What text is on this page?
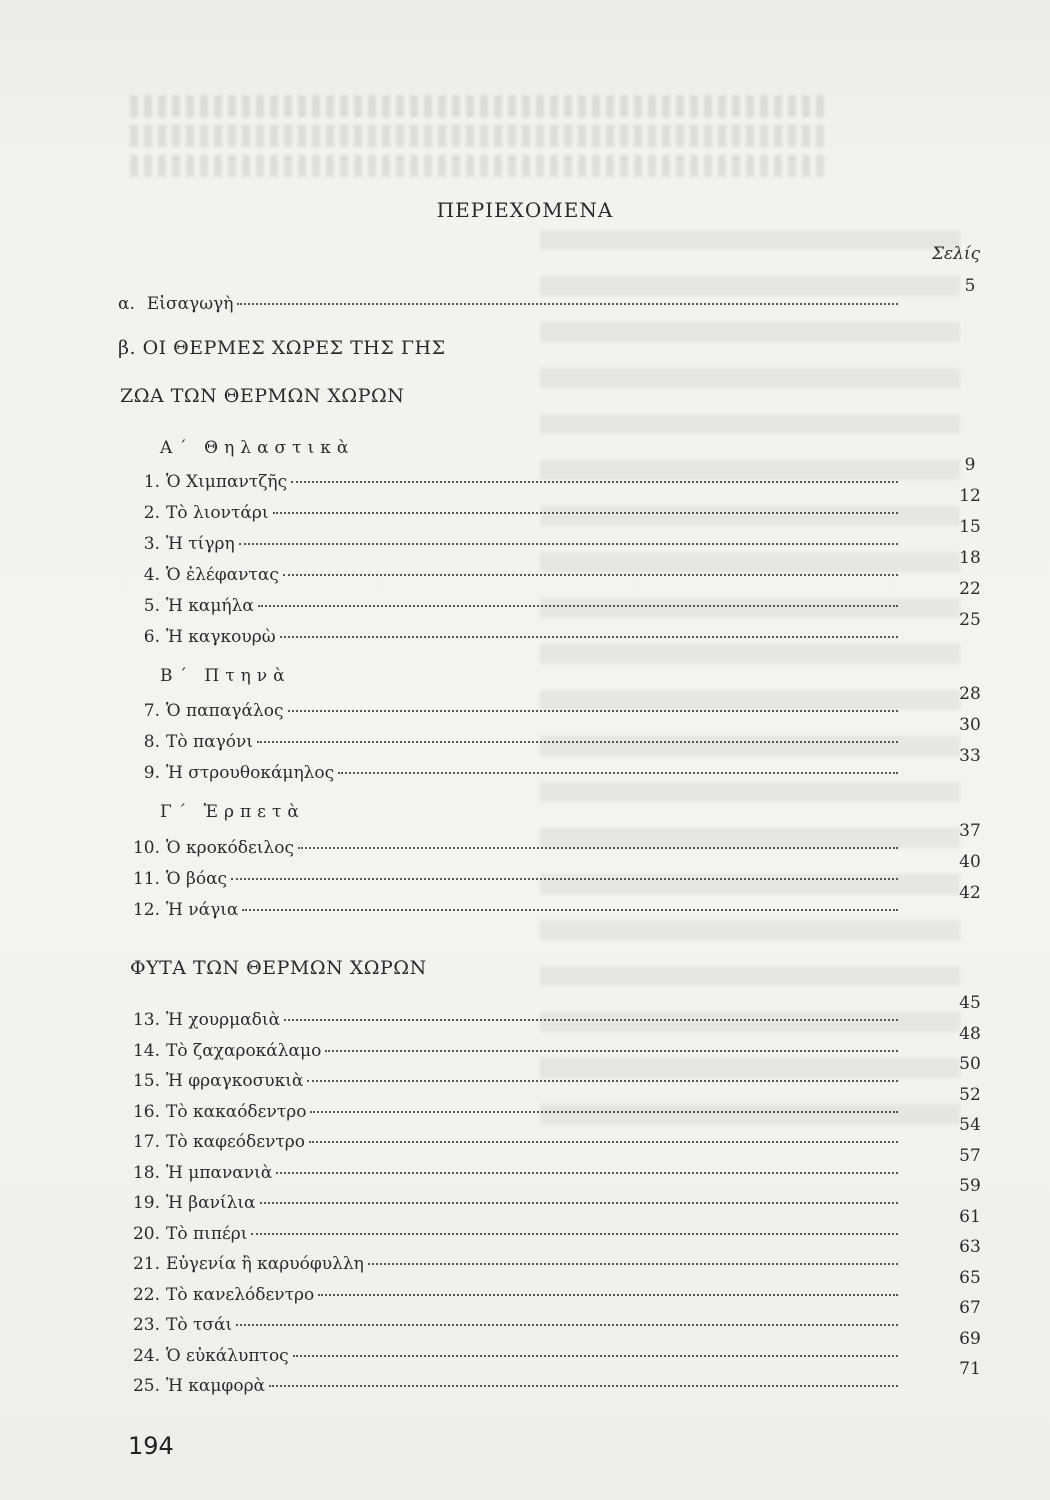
ΠΕΡΙΕΧΟΜΕΝΑ
Σελίς
α. Εἰσαγωγὴ
5
β. ΟΙ ΘΕΡΜΕΣ ΧΩΡΕΣ ΤΗΣ ΓΗΣ
ΖΩΑ ΤΩΝ ΘΕΡΜΩΝ ΧΩΡΩΝ
Α΄ Θηλαστικὰ
1. Ὁ Χιμπαντζῆς
9
2. Τὸ λιοντάρι
12
3. Ἡ τίγρη
15
4. Ὁ ἐλέφαντας
18
5. Ἡ καμήλα
22
6. Ἡ καγκουρὼ
25
Β΄ Πτηνὰ
7. Ὁ παπαγάλος
28
8. Τὸ παγόνι
30
9. Ἡ στρουθοκάμηλος
33
Γ΄ Ἑρπετὰ
10. Ὁ κροκόδειλος
37
11. Ὁ βόας
40
12. Ἡ νάγια
42
ΦΥΤΑ ΤΩΝ ΘΕΡΜΩΝ ΧΩΡΩΝ
13. Ἡ χουρμαδιὰ
45
14. Τὸ ζαχαροκάλαμο
48
15. Ἡ φραγκοσυκιὰ
50
16. Τὸ κακαόδεντρο
52
17. Τὸ καφεόδεντρο
54
18. Ἡ μπανανιὰ
57
19. Ἡ βανίλια
59
20. Τὸ πιπέρι
61
21. Εὐγενία ἢ καρυόφυλλη
63
22. Τὸ κανελόδεντρο
65
23. Τὸ τσάι
67
24. Ὁ εὐκάλυπτος
69
25. Ἡ καμφορὰ
71
194
